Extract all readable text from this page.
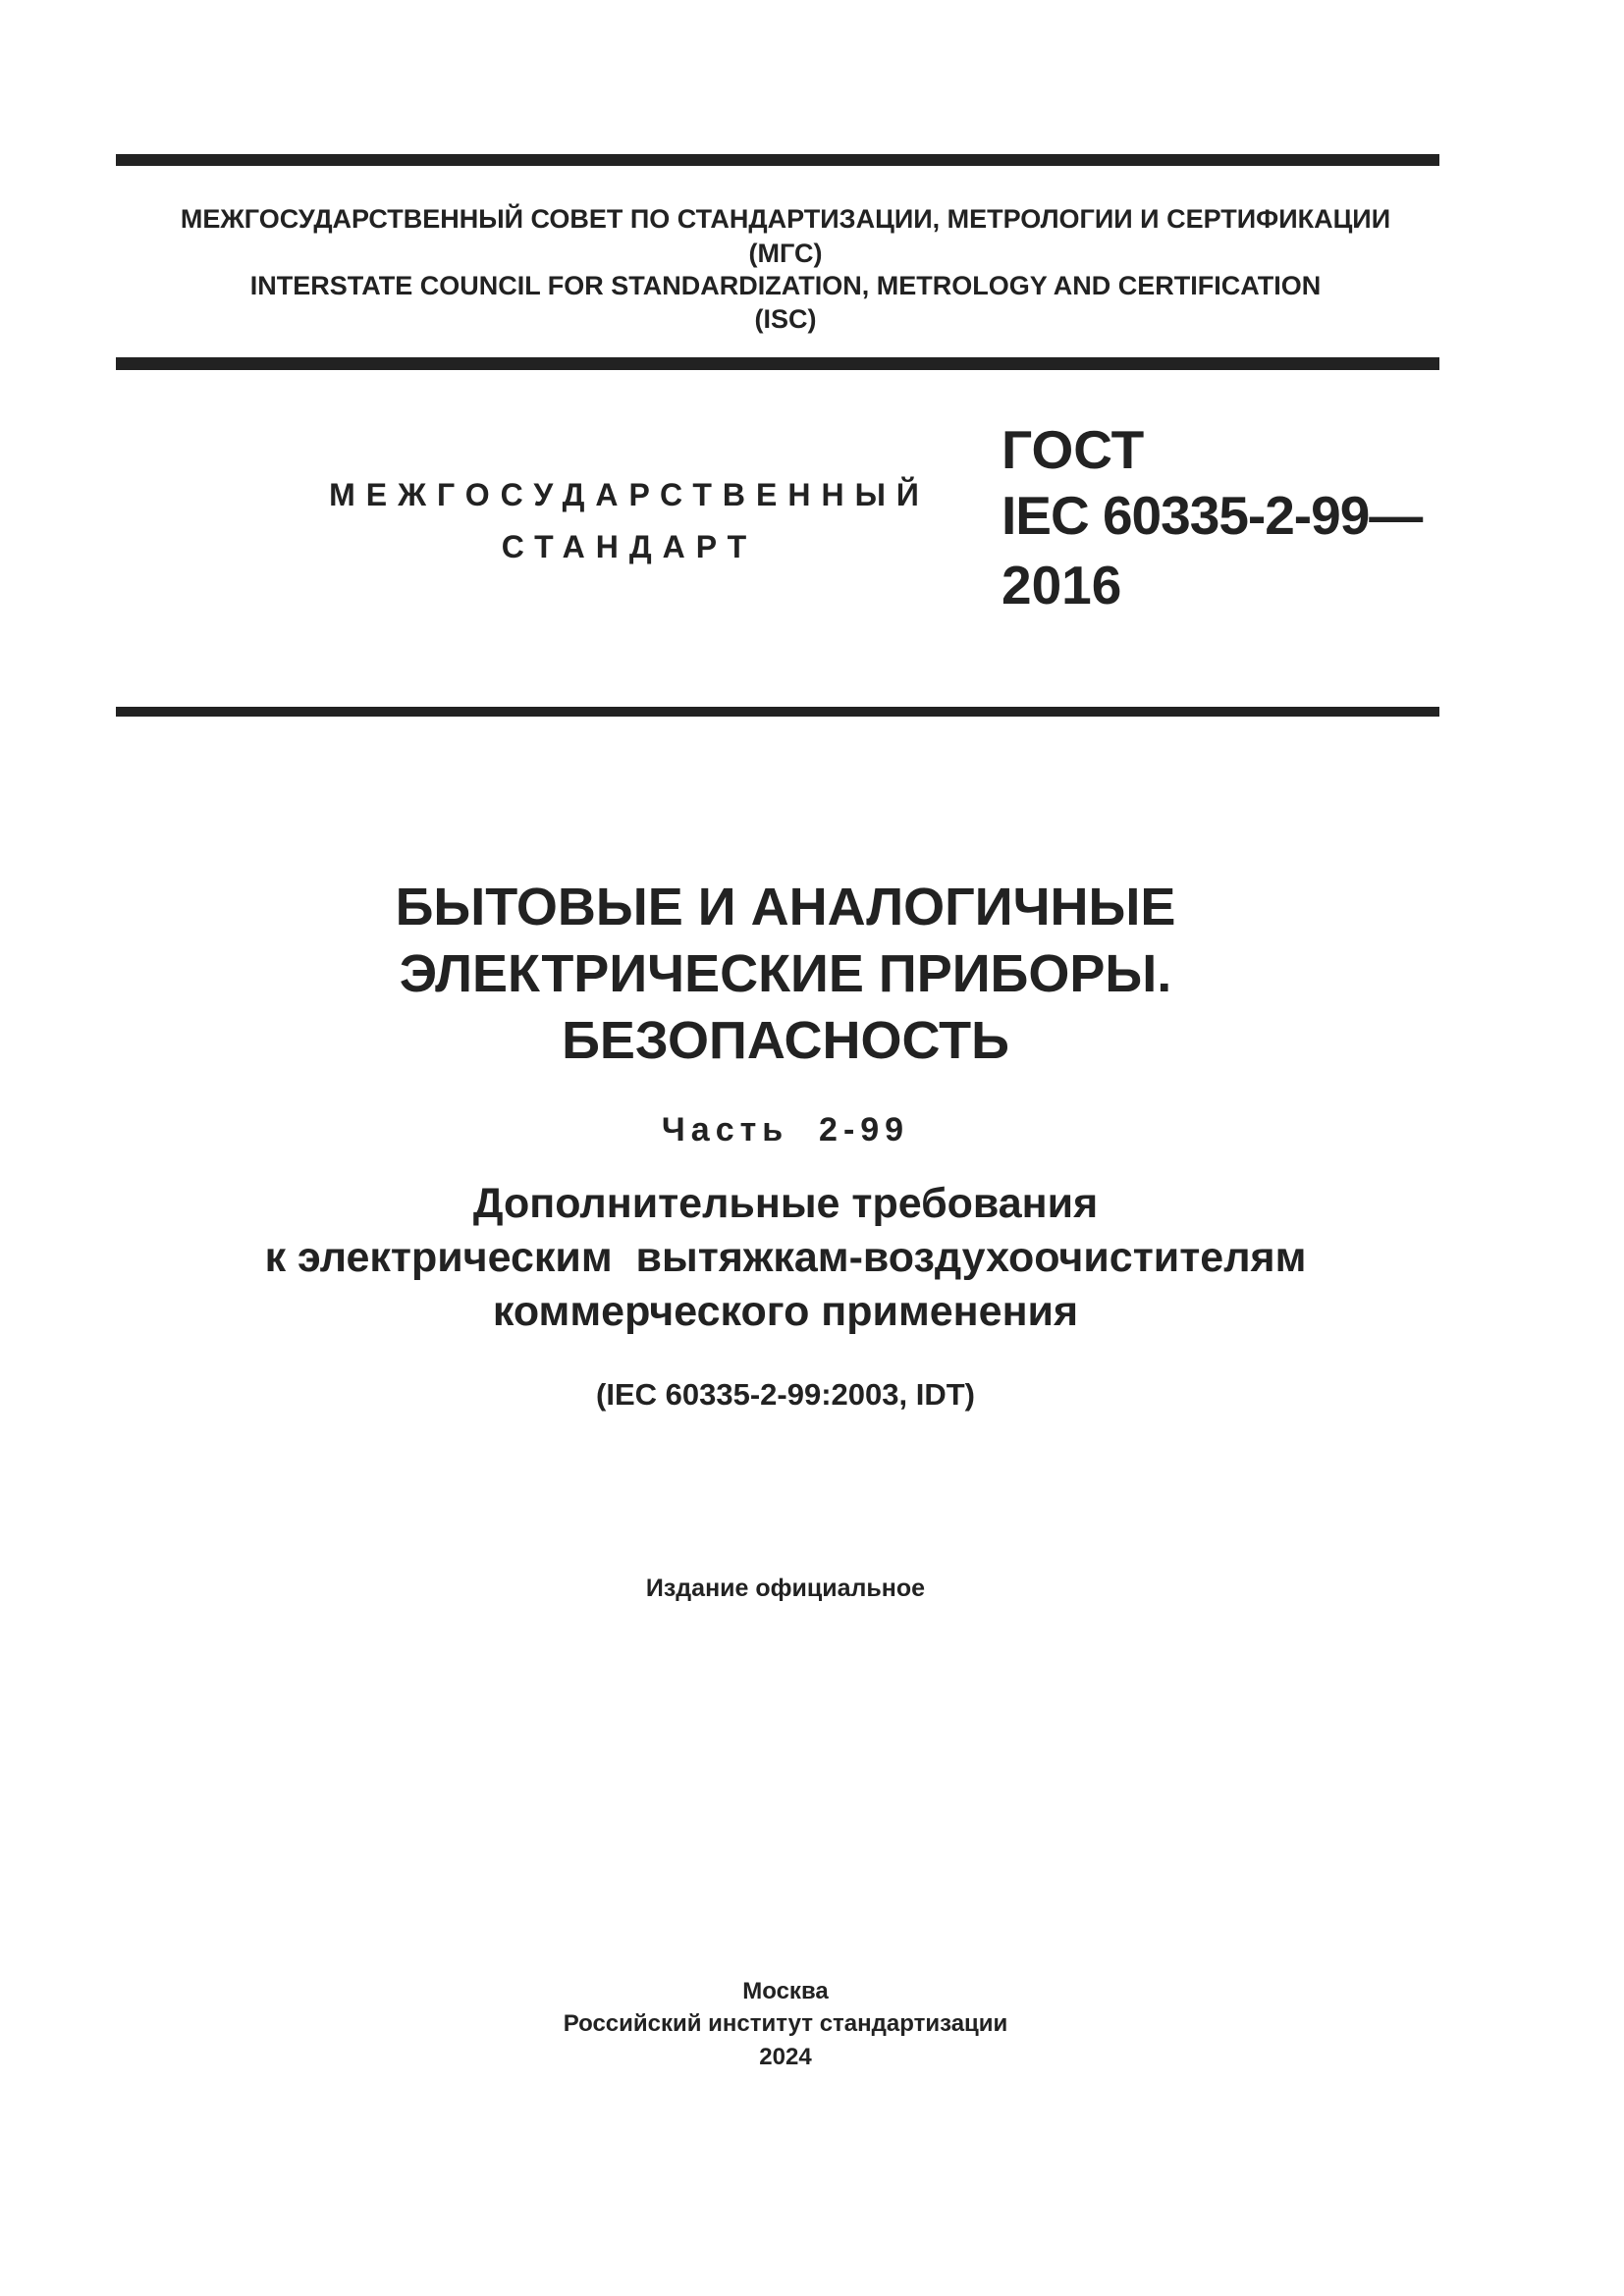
МЕЖГОСУДАРСТВЕННЫЙ СОВЕТ ПО СТАНДАРТИЗАЦИИ, МЕТРОЛОГИИ И СЕРТИФИКАЦИИ
(МГС)
INTERSTATE COUNCIL FOR STANDARDIZATION, METROLOGY AND CERTIFICATION
(ISC)
МЕЖГОСУДАРСТВЕННЫЙ
СТАНДАРТ
ГОСТ
IEC 60335-2-99—
2016
БЫТОВЫЕ И АНАЛОГИЧНЫЕ
ЭЛЕКТРИЧЕСКИЕ ПРИБОРЫ.
БЕЗОПАСНОСТЬ
Часть  2-99
Дополнительные требования
к электрическим  вытяжкам-воздухоочистителям
коммерческого применения
(IEC 60335-2-99:2003, IDT)
Издание официальное
Москва
Российский институт стандартизации
2024
